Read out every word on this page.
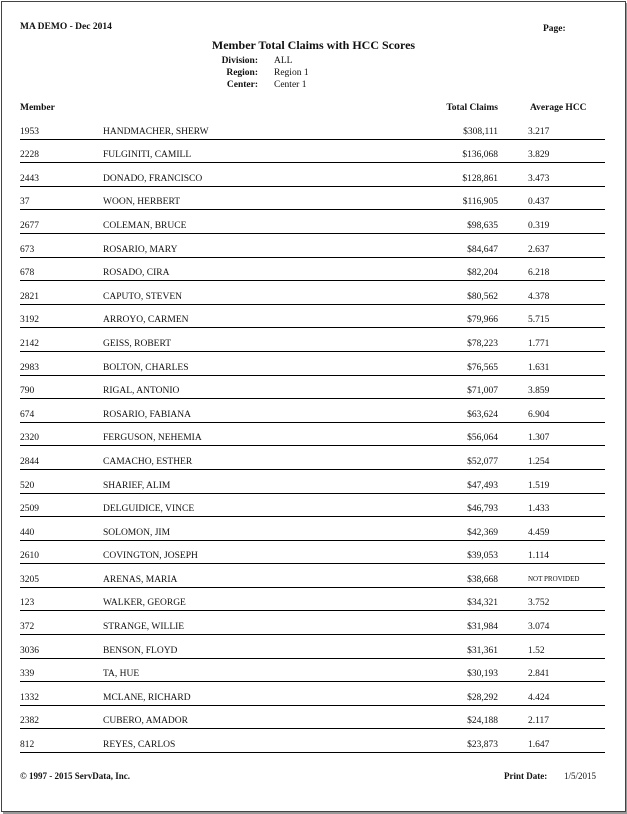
MA DEMO - Dec 2014	Page:
Member Total Claims with HCC Scores
Division: ALL
Region: Region 1
Center: Center 1
Member	Total Claims	Average HCC
1953	HANDMACHER, SHERW	$308,111	3.217
2228	FULGINITI, CAMILL	$136,068	3.829
2443	DONADO, FRANCISCO	$128,861	3.473
37	WOON, HERBERT	$116,905	0.437
2677	COLEMAN, BRUCE	$98,635	0.319
673	ROSARIO, MARY	$84,647	2.637
678	ROSADO, CIRA	$82,204	6.218
2821	CAPUTO, STEVEN	$80,562	4.378
3192	ARROYO, CARMEN	$79,966	5.715
2142	GEISS, ROBERT	$78,223	1.771
2983	BOLTON, CHARLES	$76,565	1.631
790	RIGAL, ANTONIO	$71,007	3.859
674	ROSARIO, FABIANA	$63,624	6.904
2320	FERGUSON, NEHEMIA	$56,064	1.307
2844	CAMACHO, ESTHER	$52,077	1.254
520	SHARIEF, ALIM	$47,493	1.519
2509	DELGUIDICE, VINCE	$46,793	1.433
440	SOLOMON, JIM	$42,369	4.459
2610	COVINGTON, JOSEPH	$39,053	1.114
3205	ARENAS, MARIA	$38,668	NOT PROVIDED
123	WALKER, GEORGE	$34,321	3.752
372	STRANGE, WILLIE	$31,984	3.074
3036	BENSON, FLOYD	$31,361	1.52
339	TA, HUE	$30,193	2.841
1332	MCLANE, RICHARD	$28,292	4.424
2382	CUBERO, AMADOR	$24,188	2.117
812	REYES, CARLOS	$23,873	1.647
© 1997 - 2015 ServData, Inc.	Print Date: 1/5/2015
